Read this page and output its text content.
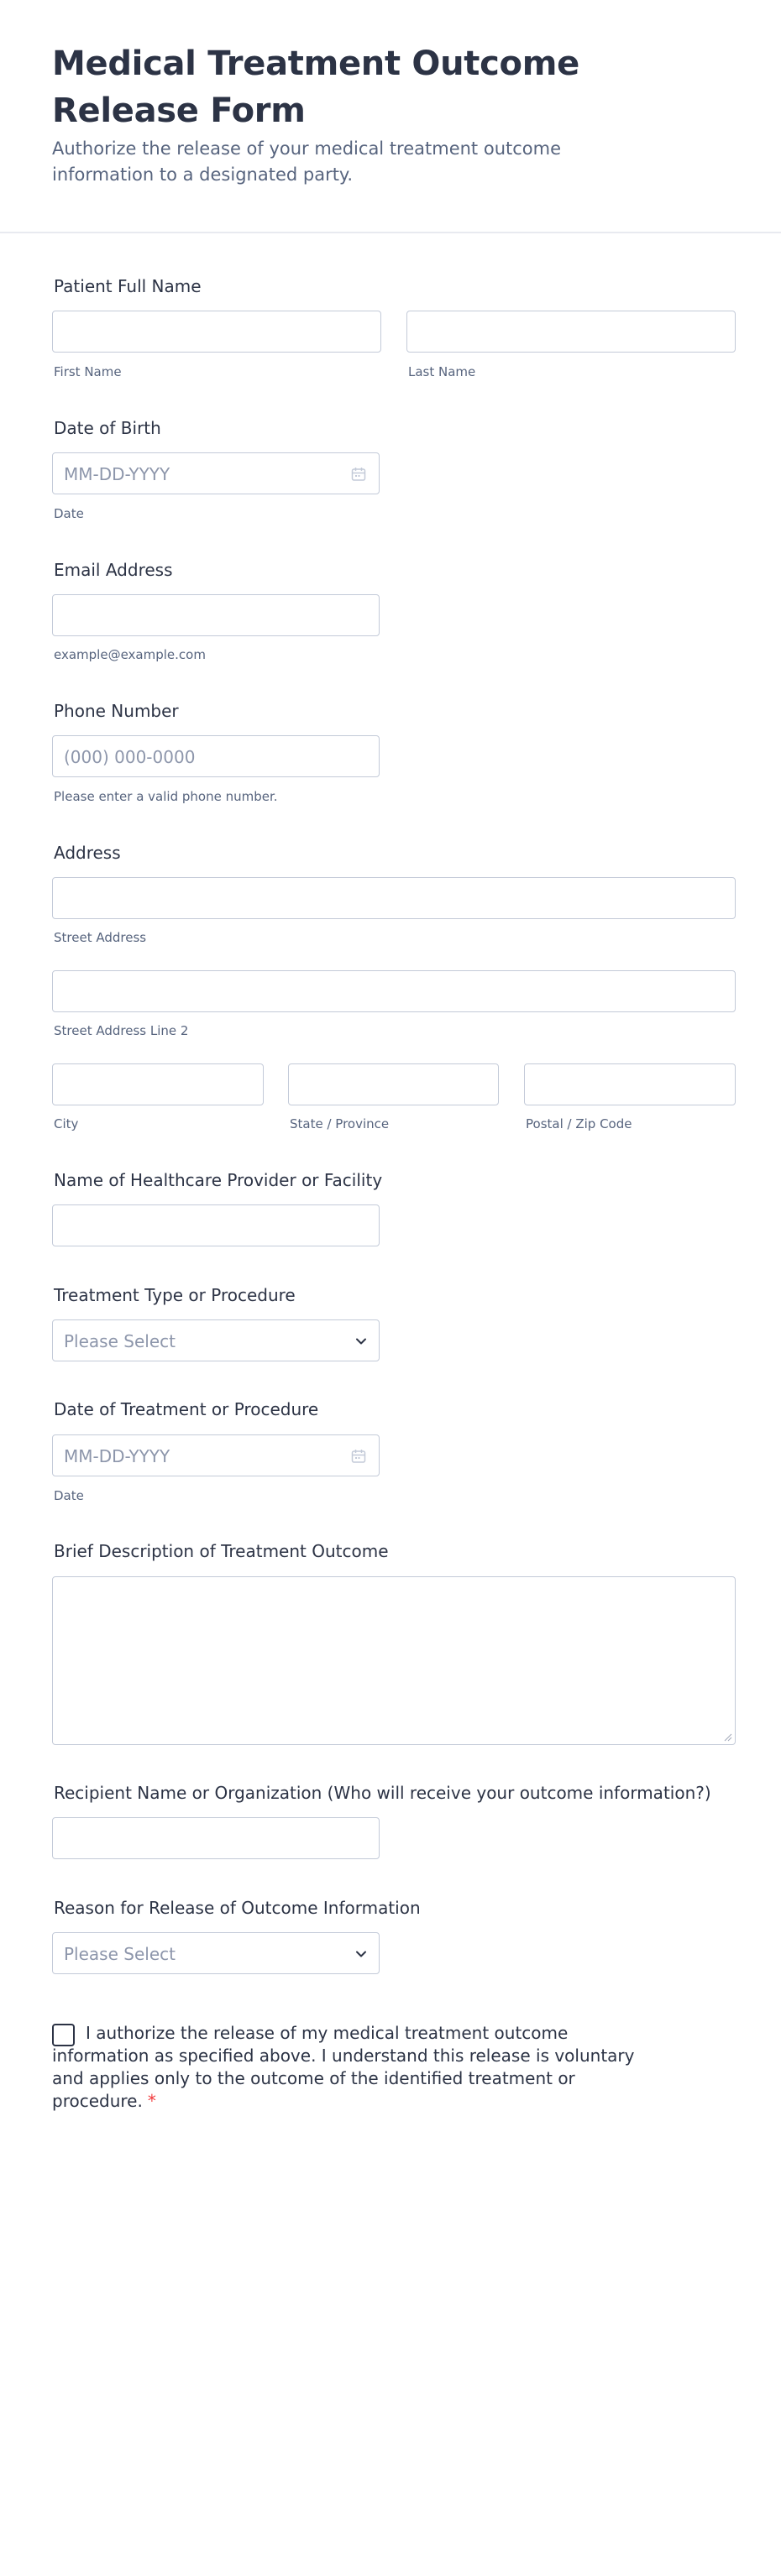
Medical Treatment Outcome Release Form
Authorize the release of your medical treatment outcome information to a designated party.
Patient Full Name
First Name	Last Name
Date of Birth
MM-DD-YYYY
Date
Email Address
example@example.com
Phone Number
(000) 000-0000
Please enter a valid phone number.
Address
Street Address
Street Address Line 2
City	State / Province	Postal / Zip Code
Name of Healthcare Provider or Facility
Treatment Type or Procedure
Please Select
Date of Treatment or Procedure
MM-DD-YYYY
Date
Brief Description of Treatment Outcome
Recipient Name or Organization (Who will receive your outcome information?)
Reason for Release of Outcome Information
Please Select
I authorize the release of my medical treatment outcome information as specified above. I understand this release is voluntary and applies only to the outcome of the identified treatment or procedure. *
